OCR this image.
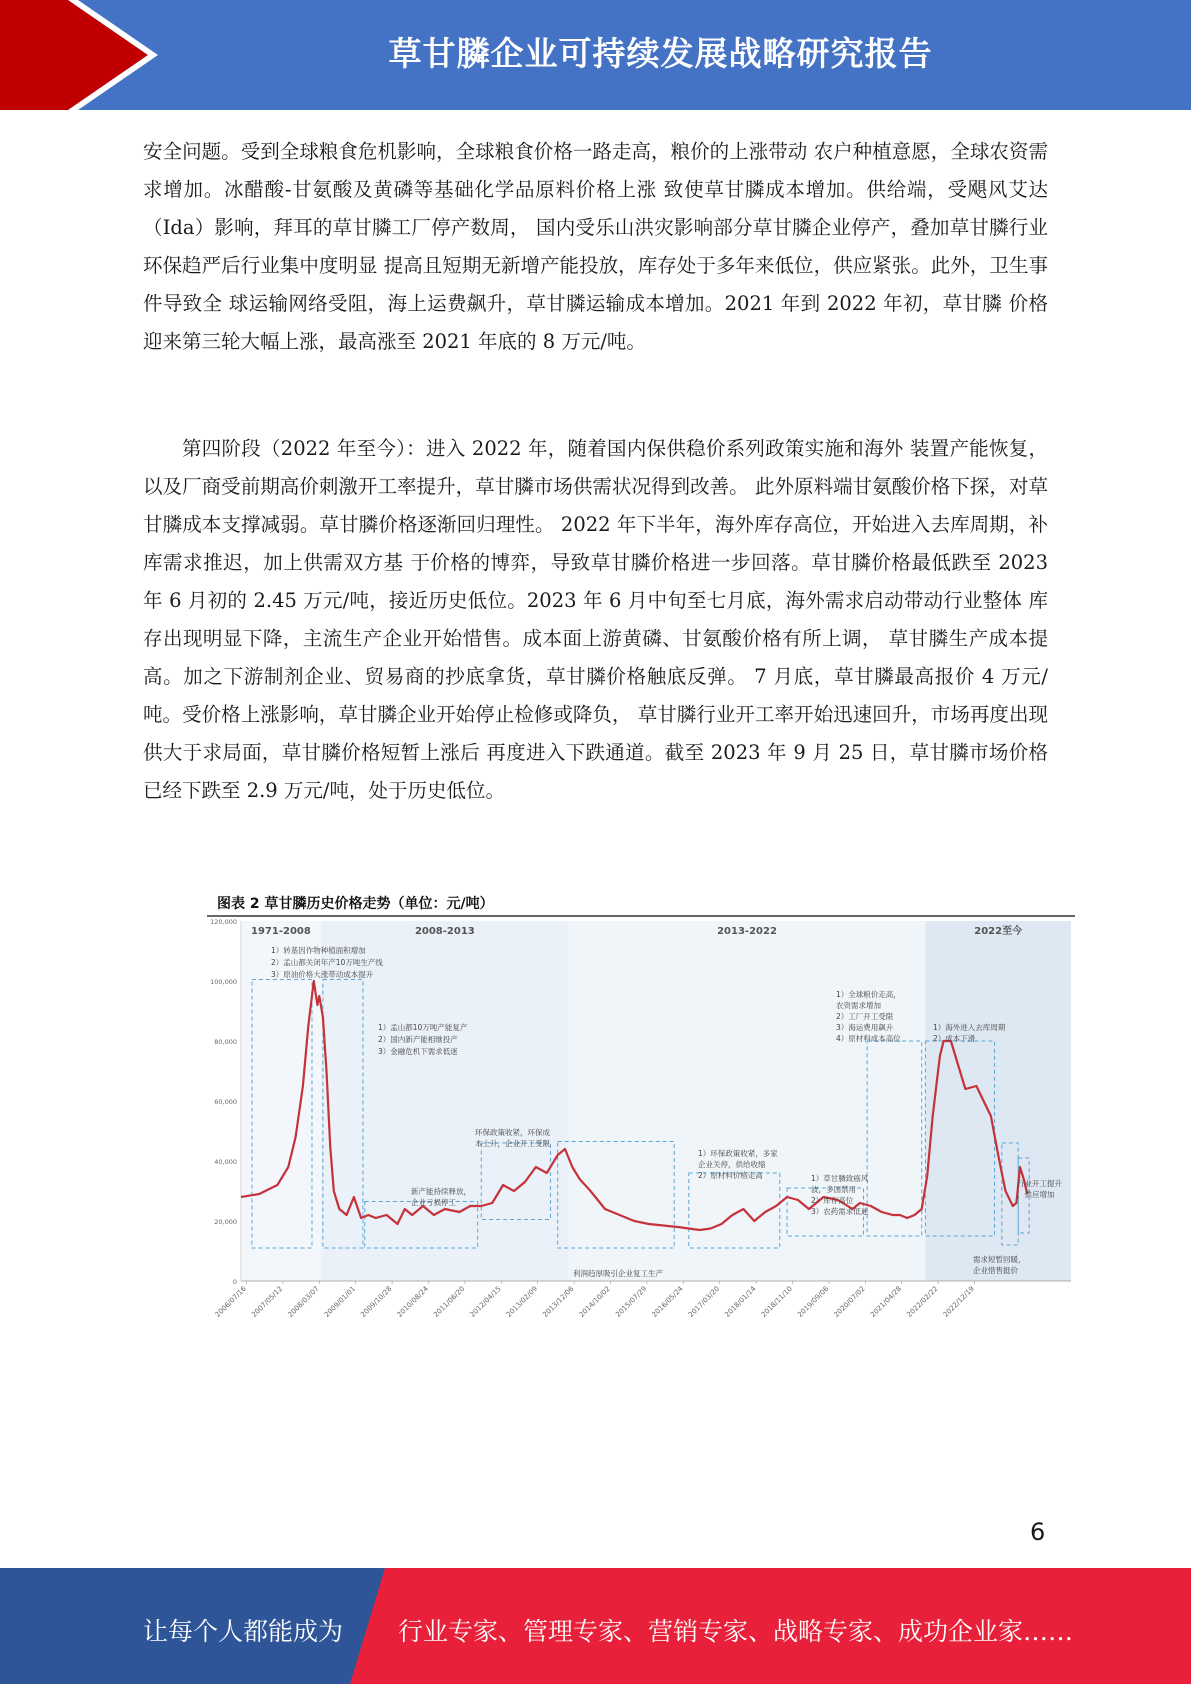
草甘膦企业可持续发展战略研究报告

安全问题。受到全球粮食危机影响，全球粮食价格一路走高，粮价的上涨带动 农户种植意愿，全球农资需求增加。冰醋酸-甘氨酸及黄磷等基础化学品原料价格上涨 致使草甘膦成本增加。供给端，受飓风艾达（Ida）影响，拜耳的草甘膦工厂停产数周， 国内受乐山洪灾影响部分草甘膦企业停产，叠加草甘膦行业环保趋严后行业集中度明显 提高且短期无新增产能投放，库存处于多年来低位，供应紧张。此外，卫生事件导致全 球运输网络受阻，海上运费飙升，草甘膦运输成本增加。2021 年到 2022 年初，草甘膦 价格迎来第三轮大幅上涨，最高涨至 2021 年底的 8 万元/吨。

第四阶段（2022 年至今）：进入 2022 年，随着国内保供稳价系列政策实施和海外 装置产能恢复，以及厂商受前期高价刺激开工率提升，草甘膦市场供需状况得到改善。 此外原料端甘氨酸价格下探，对草甘膦成本支撑减弱。草甘膦价格逐渐回归理性。 2022 年下半年，海外库存高位，开始进入去库周期，补库需求推迟，加上供需双方基 于价格的博弈，导致草甘膦价格进一步回落。草甘膦价格最低跌至 2023 年 6 月初的 2.45 万元/吨，接近历史低位。2023 年 6 月中旬至七月底，海外需求启动带动行业整体 库存出现明显下降，主流生产企业开始惜售。成本面上游黄磷、甘氨酸价格有所上调， 草甘膦生产成本提高。加之下游制剂企业、贸易商的抄底拿货，草甘膦价格触底反弹。 7 月底，草甘膦最高报价 4 万元/吨。受价格上涨影响，草甘膦企业开始停止检修或降负， 草甘膦行业开工率开始迅速回升，市场再度出现供大于求局面，草甘膦价格短暂上涨后 再度进入下跌通道。截至 2023 年 9 月 25 日，草甘膦市场价格已经下跌至 2.9 万元/吨，处于历史低位。

图表 2 草甘膦历史价格走势（单位：元/吨）
1971-2008	2008-2013	2013-2022	2022至今
0
20,000
40,000
60,000
80,000
100,000
120,000
2006/07/16 2007/05/12 2008/03/07 2009/01/01 2009/10/28 2010/08/24 2011/06/20 2012/04/15 2013/02/09 2013/12/06 2014/10/02 2015/07/29 2016/05/24 2017/03/20 2018/01/14 2018/11/10 2019/09/06 2020/07/02 2021/04/28 2022/02/22 2022/12/19
1）转基因作物种植面积增加
2）孟山都关闭年产10万吨生产线
3）原油价格大涨带动成本提升
1）孟山都10万吨产能复产
2）国内新产能相继投产
3）金融危机下需求低迷
新产能持续释放，
企业亏损停工
环保政策收紧，环保成
本上升，企业开工受限
1）环保政策收紧，多家
企业关停，供给收缩
2）原材料价格走高	1）草甘膦致癌风
波，多国禁用
2）库存高位
3）农药需求低迷
1）全球粮价走高，
农资需求增加
2）工厂开工受限
3）海运费用飙升
4）原材料成本高位
1）海外进入去库周期
2）成本下滑
行业开工提升
，供应增加
需求短暂回暖，
企业惜售挺价
利润趋厚吸引企业复工生产
6
让每个人都能成为 行业专家、管理专家、营销专家、战略专家、成功企业家……
